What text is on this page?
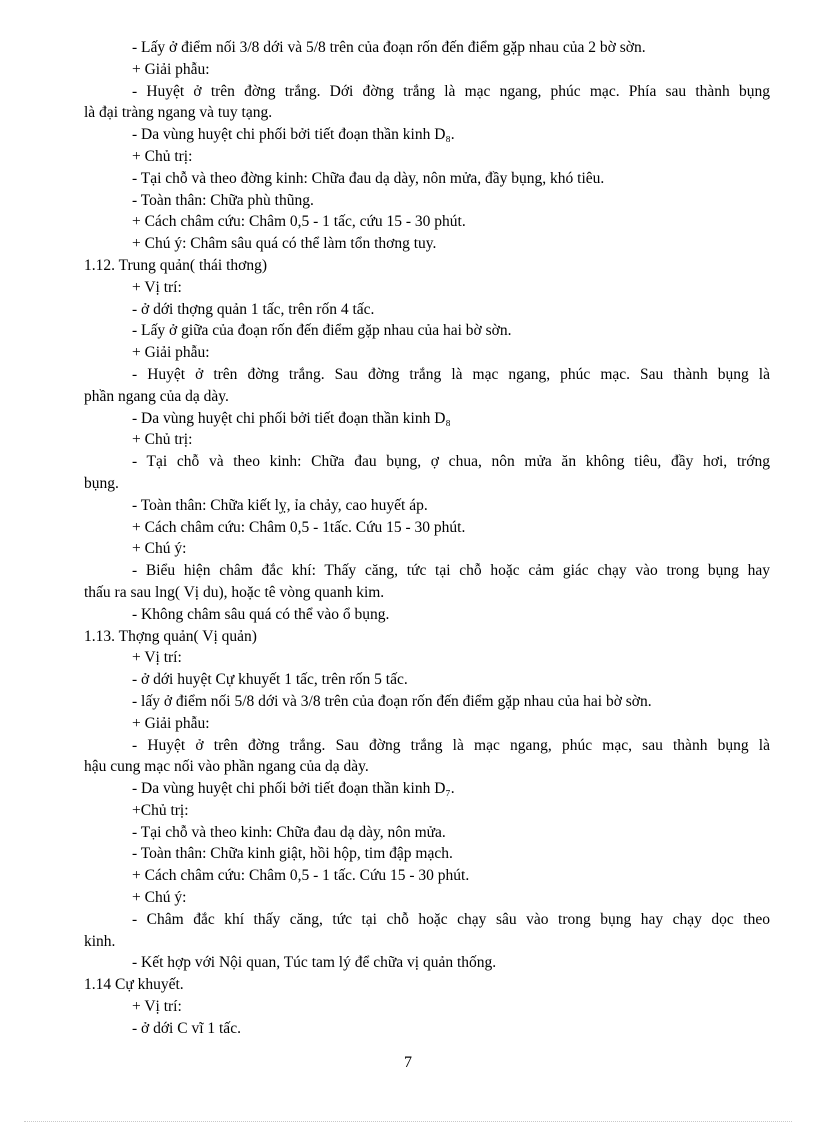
- Lấy ở điểm nối 3/8 dới và 5/8 trên của đoạn rốn đến điểm gặp nhau của 2 bờ sờn.
+ Giải phẫu:
- Huyệt ở trên đờng trắng. Dới đờng trắng là mạc ngang, phúc mạc. Phía sau thành bụng
là đại tràng ngang và tuy tạng.
- Da vùng huyệt chi phối bởi tiết đoạn thần kinh D₈.
+ Chủ trị:
- Tại chỗ và theo đờng kinh: Chữa đau dạ dày, nôn mửa, đầy bụng, khó tiêu.
- Toàn thân: Chữa phù thũng.
+ Cách châm cứu: Châm 0,5 - 1 tấc, cứu 15 - 30 phút.
+ Chú ý: Châm sâu quá có thể làm tổn thơng tuy.
1.12. Trung quản( thái thơng)
+ Vị trí:
- ở dới thợng quản 1 tấc, trên rốn 4 tấc.
- Lấy ở giữa của đoạn rốn đến điểm gặp nhau của hai bờ sờn.
+ Giải phẫu:
- Huyệt ở trên đờng trắng. Sau đờng trắng là mạc ngang, phúc mạc. Sau thành bụng là
phần ngang của dạ dày.
- Da vùng huyệt chi phối bởi tiết đoạn thần kinh D₈
+ Chủ trị:
- Tại chỗ và theo kinh: Chữa đau bụng, ợ chua, nôn mửa ăn không tiêu, đầy hơi, trớng
bụng.
- Toàn thân: Chữa kiết lỵ, ỉa chảy, cao huyết áp.
+ Cách châm cứu: Châm 0,5 - 1tấc. Cứu 15 - 30 phút.
+ Chú ý:
- Biểu hiện châm đắc khí: Thấy căng, tức tại chỗ hoặc cảm giác chạy vào trong bụng hay
thấu ra sau lng( Vị du), hoặc tê vòng quanh kim.
- Không châm sâu quá có thể vào ổ bụng.
1.13. Thợng quản( Vị quản)
+ Vị trí:
- ở dới huyệt Cự khuyết 1 tấc, trên rốn 5 tấc.
- lấy ở điểm nối 5/8 dới và 3/8 trên của đoạn rốn đến điểm gặp nhau của hai bờ sờn.
+ Giải phẫu:
- Huyệt ở trên đờng trắng. Sau đờng trắng là mạc ngang, phúc mạc, sau thành bụng là
hậu cung mạc nối vào phần ngang của dạ dày.
- Da vùng huyệt chi phối bởi tiết đoạn thần kinh D₇.
+Chủ trị:
- Tại chỗ và theo kinh: Chữa đau dạ dày, nôn mửa.
- Toàn thân: Chữa kinh giật, hồi hộp, tim đập mạch.
+ Cách châm cứu: Châm 0,5 - 1 tấc. Cứu 15 - 30 phút.
+ Chú ý:
- Châm đắc khí thấy căng, tức tại chỗ hoặc chạy sâu vào trong bụng hay chạy dọc theo
kinh.
- Kết hợp với Nội quan, Túc tam lý để chữa vị quản thống.
1.14 Cự khuyết.
+ Vị trí:
- ở dới C vĩ 1 tấc.
7
